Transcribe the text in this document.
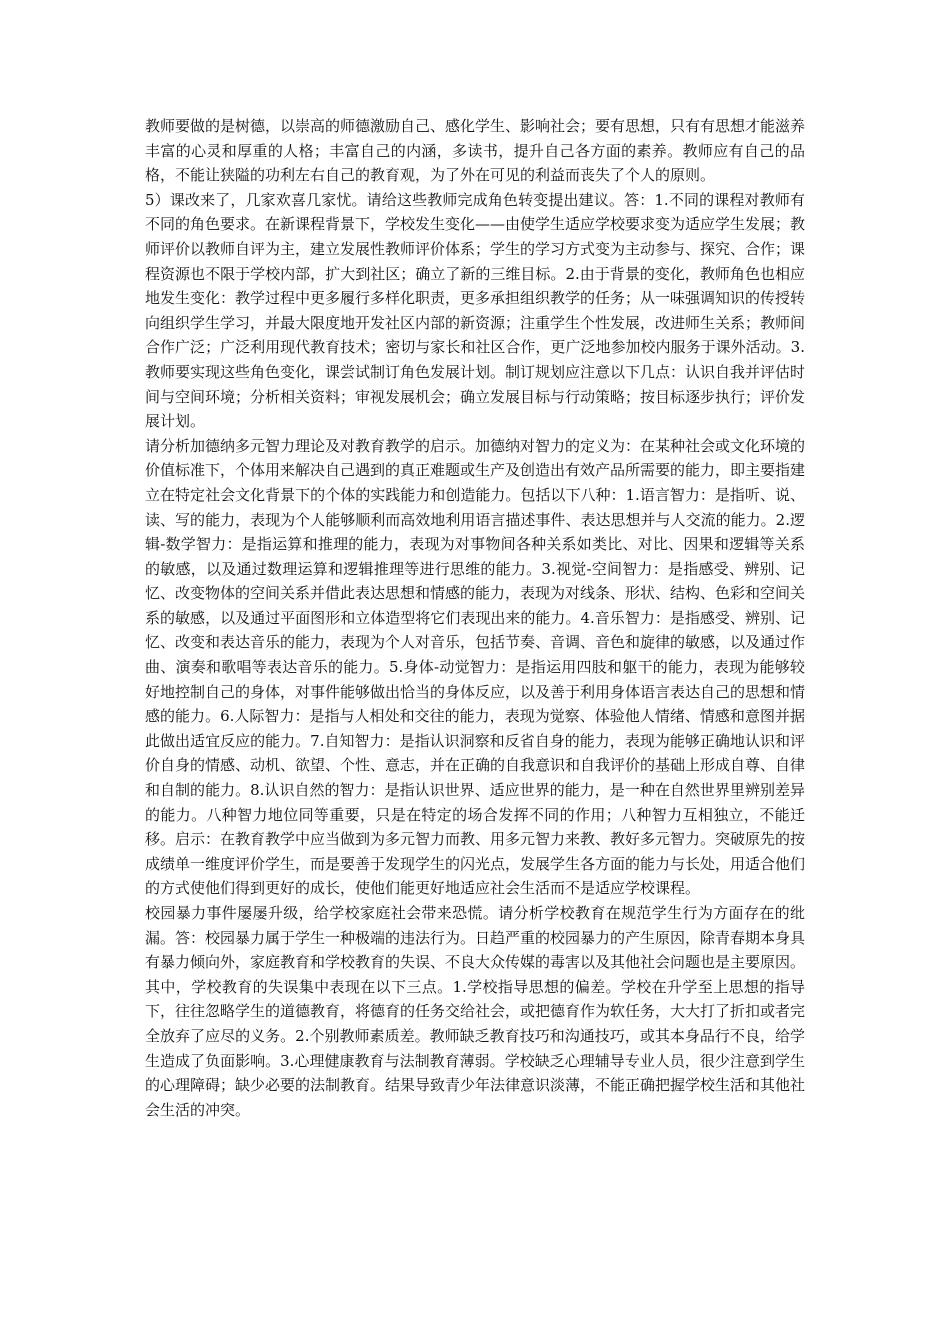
教师要做的是树德，以崇高的师德激励自己、感化学生、影响社会；要有思想，只有有思想才能滋养丰富的心灵和厚重的人格；丰富自己的内涵，多读书，提升自己各方面的素养。教师应有自己的品格，不能让狭隘的功利左右自己的教育观，为了外在可见的利益而丧失了个人的原则。

5）课改来了，几家欢喜几家忧。请给这些教师完成角色转变提出建议。答：1.不同的课程对教师有不同的角色要求。在新课程背景下，学校发生变化——由使学生适应学校要求变为适应学生发展；教师评价以教师自评为主，建立发展性教师评价体系；学生的学习方式变为主动参与、探究、合作；课程资源也不限于学校内部，扩大到社区；确立了新的三维目标。2.由于背景的变化，教师角色也相应地发生变化：教学过程中更多履行多样化职责，更多承担组织教学的任务；从一味强调知识的传授转向组织学生学习，并最大限度地开发社区内部的新资源；注重学生个性发展，改进师生关系；教师间合作广泛；广泛利用现代教育技术；密切与家长和社区合作，更广泛地参加校内服务于课外活动。3.教师要实现这些角色变化，课尝试制订角色发展计划。制订规划应注意以下几点：认识自我并评估时间与空间环境；分析相关资料；审视发展机会；确立发展目标与行动策略；按目标逐步执行；评价发展计划。

请分析加德纳多元智力理论及对教育教学的启示。加德纳对智力的定义为：在某种社会或文化环境的价值标准下，个体用来解决自己遇到的真正难题或生产及创造出有效产品所需要的能力，即主要指建立在特定社会文化背景下的个体的实践能力和创造能力。包括以下八种：1.语言智力：是指听、说、读、写的能力，表现为个人能够顺利而高效地利用语言描述事件、表达思想并与人交流的能力。2.逻辑-数学智力：是指运算和推理的能力，表现为对事物间各种关系如类比、对比、因果和逻辑等关系的敏感，以及通过数理运算和逻辑推理等进行思维的能力。3.视觉-空间智力：是指感受、辨别、记忆、改变物体的空间关系并借此表达思想和情感的能力，表现为对线条、形状、结构、色彩和空间关系的敏感，以及通过平面图形和立体造型将它们表现出来的能力。4.音乐智力：是指感受、辨别、记忆、改变和表达音乐的能力，表现为个人对音乐，包括节奏、音调、音色和旋律的敏感，以及通过作曲、演奏和歌唱等表达音乐的能力。5.身体-动觉智力：是指运用四肢和躯干的能力，表现为能够较好地控制自己的身体，对事件能够做出恰当的身体反应，以及善于利用身体语言表达自己的思想和情感的能力。6.人际智力：是指与人相处和交往的能力，表现为觉察、体验他人情绪、情感和意图并据此做出适宜反应的能力。7.自知智力：是指认识洞察和反省自身的能力，表现为能够正确地认识和评价自身的情感、动机、欲望、个性、意志，并在正确的自我意识和自我评价的基础上形成自尊、自律和自制的能力。8.认识自然的智力：是指认识世界、适应世界的能力，是一种在自然世界里辨别差异的能力。八种智力地位同等重要，只是在特定的场合发挥不同的作用；八种智力互相独立，不能迁移。启示：在教育教学中应当做到为多元智力而教、用多元智力来教、教好多元智力。突破原先的按成绩单一维度评价学生，而是要善于发现学生的闪光点，发展学生各方面的能力与长处，用适合他们的方式使他们得到更好的成长，使他们能更好地适应社会生活而不是适应学校课程。

校园暴力事件屡屡升级，给学校家庭社会带来恐慌。请分析学校教育在规范学生行为方面存在的纰漏。答：校园暴力属于学生一种极端的违法行为。日趋严重的校园暴力的产生原因，除青春期本身具有暴力倾向外，家庭教育和学校教育的失误、不良大众传媒的毒害以及其他社会问题也是主要原因。其中，学校教育的失误集中表现在以下三点。1.学校指导思想的偏差。学校在升学至上思想的指导下，往往忽略学生的道德教育，将德育的任务交给社会，或把德育作为软任务，大大打了折扣或者完全放弃了应尽的义务。2.个别教师素质差。教师缺乏教育技巧和沟通技巧，或其本身品行不良，给学生造成了负面影响。3.心理健康教育与法制教育薄弱。学校缺乏心理辅导专业人员，很少注意到学生的心理障碍；缺少必要的法制教育。结果导致青少年法律意识淡薄，不能正确把握学校生活和其他社会生活的冲突。
